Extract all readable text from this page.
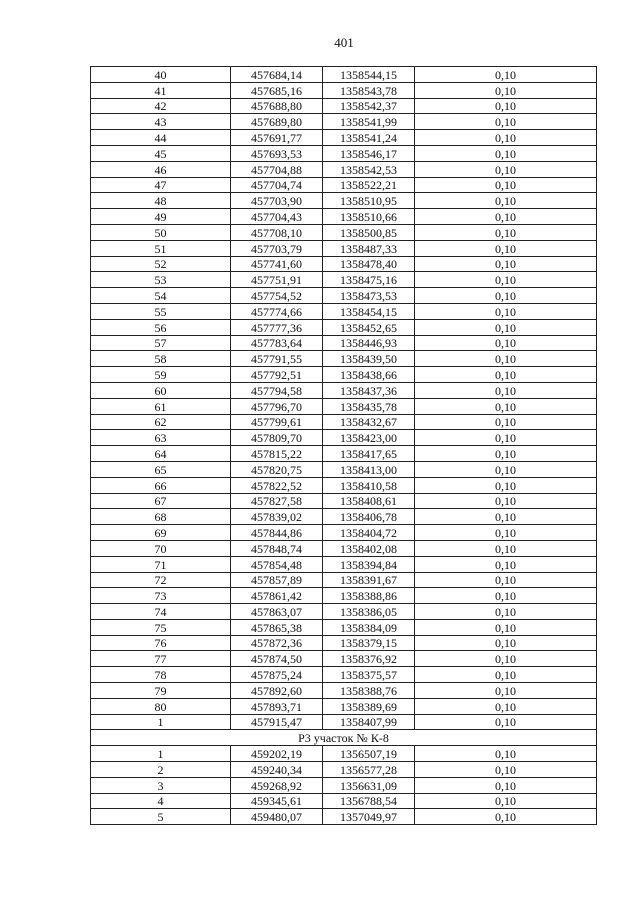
401
40	457684,14	1358544,15	0,10
41	457685,16	1358543,78	0,10
42	457688,80	1358542,37	0,10
43	457689,80	1358541,99	0,10
44	457691,77	1358541,24	0,10
45	457693,53	1358546,17	0,10
46	457704,88	1358542,53	0,10
47	457704,74	1358522,21	0,10
48	457703,90	1358510,95	0,10
49	457704,43	1358510,66	0,10
50	457708,10	1358500,85	0,10
51	457703,79	1358487,33	0,10
52	457741,60	1358478,40	0,10
53	457751,91	1358475,16	0,10
54	457754,52	1358473,53	0,10
55	457774,66	1358454,15	0,10
56	457777,36	1358452,65	0,10
57	457783,64	1358446,93	0,10
58	457791,55	1358439,50	0,10
59	457792,51	1358438,66	0,10
60	457794,58	1358437,36	0,10
61	457796,70	1358435,78	0,10
62	457799,61	1358432,67	0,10
63	457809,70	1358423,00	0,10
64	457815,22	1358417,65	0,10
65	457820,75	1358413,00	0,10
66	457822,52	1358410,58	0,10
67	457827,58	1358408,61	0,10
68	457839,02	1358406,78	0,10
69	457844,86	1358404,72	0,10
70	457848,74	1358402,08	0,10
71	457854,48	1358394,84	0,10
72	457857,89	1358391,67	0,10
73	457861,42	1358388,86	0,10
74	457863,07	1358386,05	0,10
75	457865,38	1358384,09	0,10
76	457872,36	1358379,15	0,10
77	457874,50	1358376,92	0,10
78	457875,24	1358375,57	0,10
79	457892,60	1358388,76	0,10
80	457893,71	1358389,69	0,10
1	457915,47	1358407,99	0,10
Р3 участок № К-8			
1	459202,19	1356507,19	0,10
2	459240,34	1356577,28	0,10
3	459268,92	1356631,09	0,10
4	459345,61	1356788,54	0,10
5	459480,07	1357049,97	0,10
